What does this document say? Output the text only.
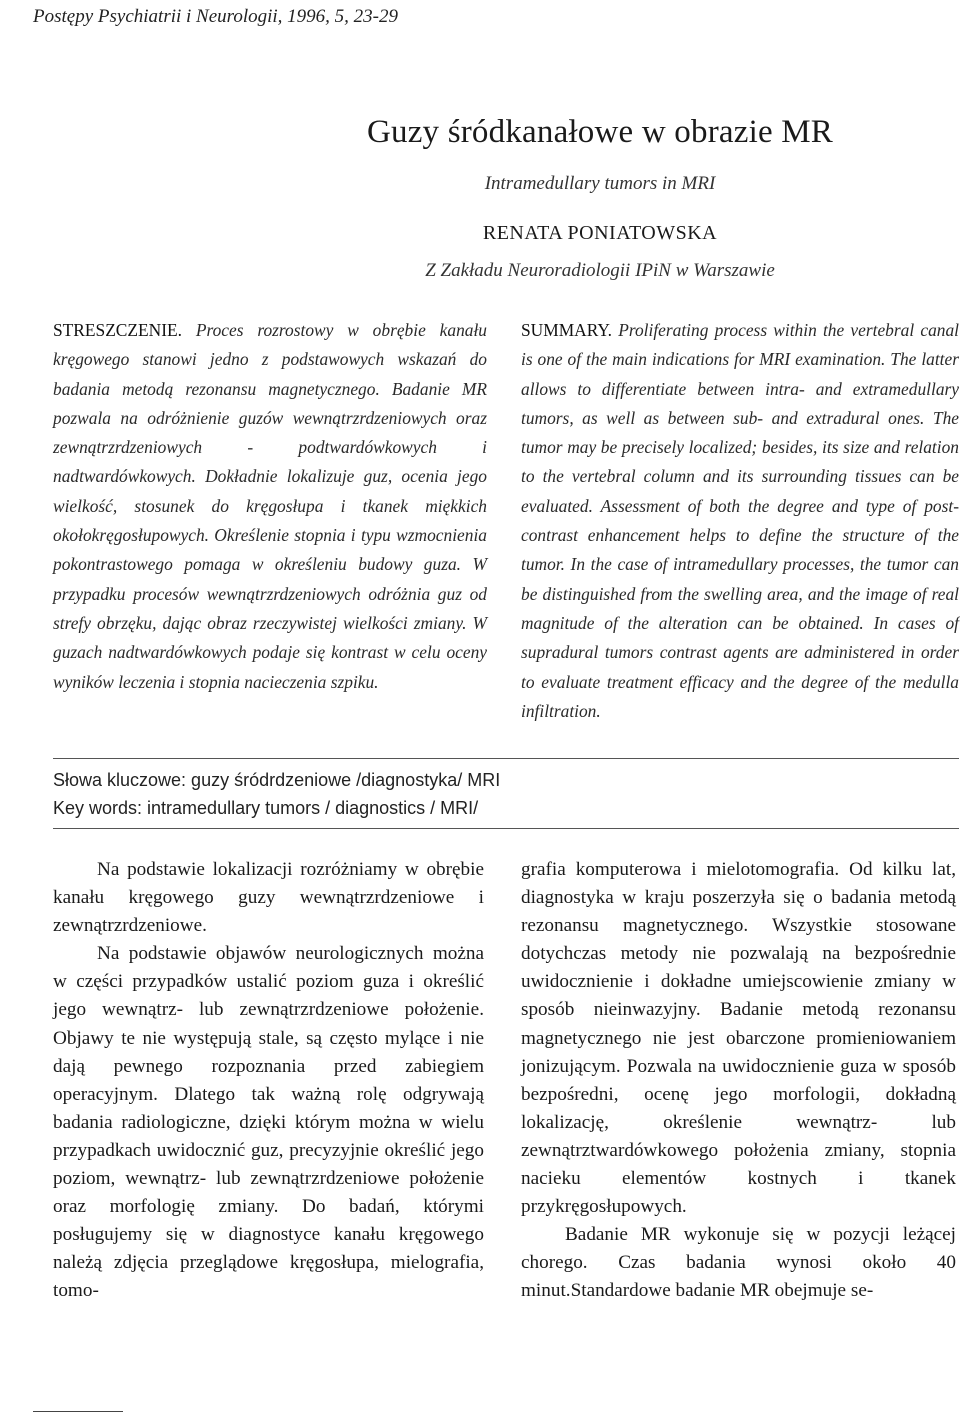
Postępy Psychiatrii i Neurologii, 1996, 5, 23-29
Guzy śródkanałowe w obrazie MR
Intramedullary tumors in MRI
RENATA PONIATOWSKA
Z Zakładu Neuroradiologii IPiN w Warszawie
STRESZCZENIE. Proces rozrostowy w obrębie kanału kręgowego stanowi jedno z podstawowych wskazań do badania metodą rezonansu magnetycznego. Badanie MR pozwala na odróżnienie guzów wewnątrzrdzeniowych oraz zewnątrzrdzeniowych - podtwardówkowych i nadtwardówkowych. Dokładnie lokalizuje guz, ocenia jego wielkość, stosunek do kręgosłupa i tkanek miękkich okołokręgosłupowych. Określenie stopnia i typu wzmocnienia pokontrastowego pomaga w określeniu budowy guza. W przypadku procesów wewnątrzrdzeniowych odróżnia guz od strefy obrzęku, dając obraz rzeczywistej wielkości zmiany. W guzach nadtwardówkowych podaje się kontrast w celu oceny wyników leczenia i stopnia nacieczenia szpiku.
SUMMARY. Proliferating process within the vertebral canal is one of the main indications for MRI examination. The latter allows to differentiate between intra- and extramedullary tumors, as well as between sub- and extradural ones. The tumor may be precisely localized; besides, its size and relation to the vertebral column and its surrounding tissues can be evaluated. Assessment of both the degree and type of post-contrast enhancement helps to define the structure of the tumor. In the case of intramedullary processes, the tumor can be distinguished from the swelling area, and the image of real magnitude of the alteration can be obtained. In cases of supradural tumors contrast agents are administered in order to evaluate treatment efficacy and the degree of the medulla infiltration.
Słowa kluczowe: guzy śródrdzeniowe /diagnostyka/ MRI
Key words: intramedullary tumors / diagnostics / MRI/

Na podstawie lokalizacji rozróżniamy w obrębie kanału kręgowego guzy wewnątrzrdzeniowe i zewnątrzrdzeniowe.

Na podstawie objawów neurologicznych można w części przypadków ustalić poziom guza i określić jego wewnątrz- lub zewnątrzrdzeniowe położenie. Objawy te nie występują stale, są często mylące i nie dają pewnego rozpoznania przed zabiegiem operacyjnym. Dlatego tak ważną rolę odgrywają badania radiologiczne, dzięki którym można w wielu przypadkach uwidocznić guz, precyzyjnie określić jego poziom, wewnątrz- lub zewnątrzrdzeniowe położenie oraz morfologię zmiany. Do badań, którymi posługujemy się w diagnostyce kanału kręgowego należą zdjęcia przeglądowe kręgosłupa, mielografia, tomo-

grafia komputerowa i mielotomografia. Od kilku lat, diagnostyka w kraju poszerzyła się o badania metodą rezonansu magnetycznego. Wszystkie stosowane dotychczas metody nie pozwalają na bezpośrednie uwidocznienie i dokładne umiejscowienie zmiany w sposób nieinwazyjny. Badanie metodą rezonansu magnetycznego nie jest obarczone promieniowaniem jonizującym. Pozwala na uwidocznienie guza w sposób bezpośredni, ocenę jego morfologii, dokładną lokalizację, określenie wewnątrz- lub zewnątrztwardówkowego położenia zmiany, stopnia nacieku elementów kostnych i tkanek przykręgosłupowych.

Badanie MR wykonuje się w pozycji leżącej chorego. Czas badania wynosi około 40 minut.Standardowe badanie MR obejmuje se-
